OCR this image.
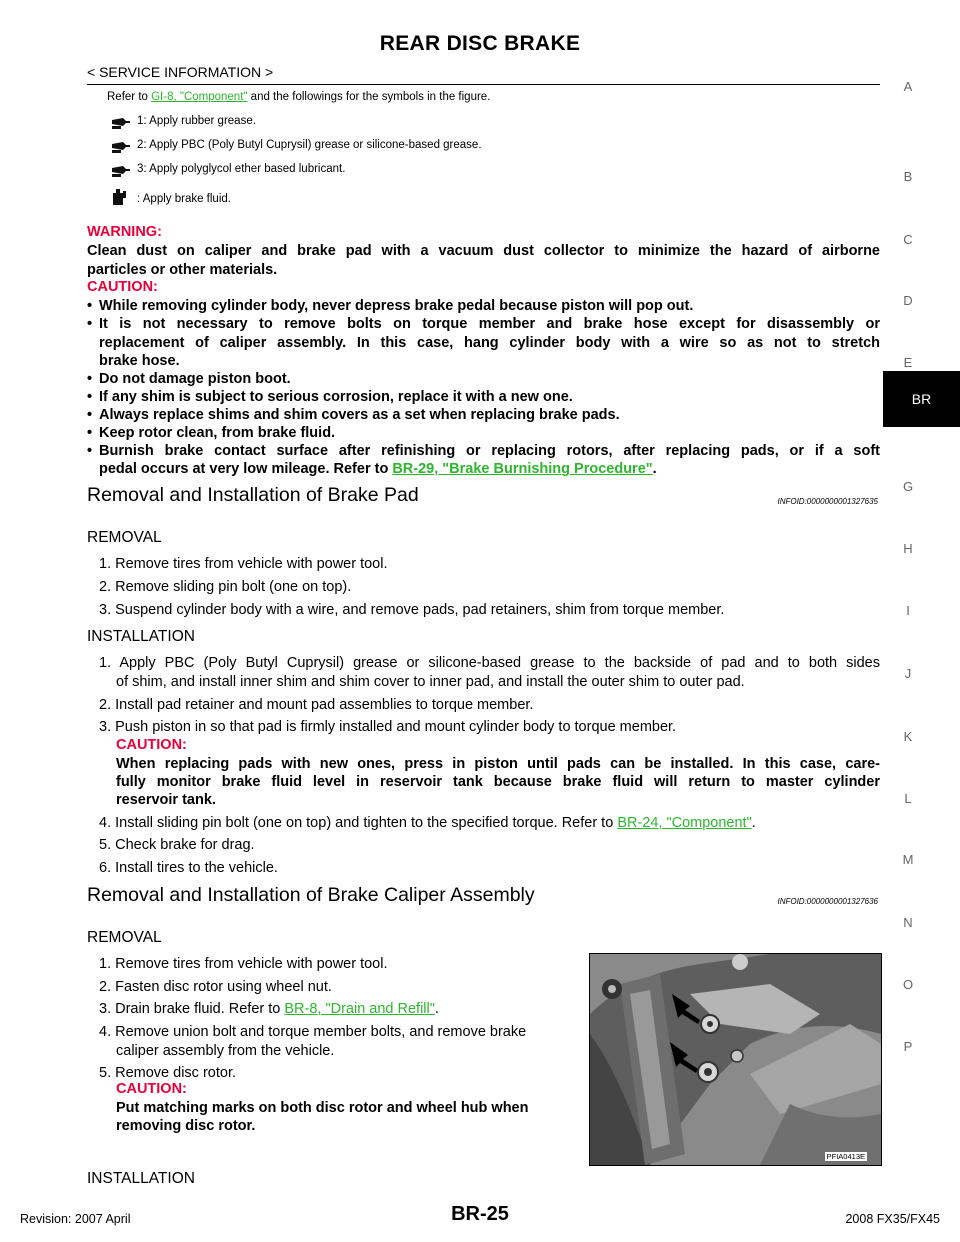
REAR DISC BRAKE
< SERVICE INFORMATION >
A
B
C
D
E
BR
G
H
I
J
K
L
M
N
O
P
Refer to GI-8, "Component" and the followings for the symbols in the figure.
1: Apply rubber grease.
2: Apply PBC (Poly Butyl Cuprysil) grease or silicone-based grease.
3: Apply polyglycol ether based lubricant.
: Apply brake fluid.
WARNING:
Clean dust on caliper and brake pad with a vacuum dust collector to minimize the hazard of airborne
particles or other materials.
CAUTION:
• While removing cylinder body, never depress brake pedal because piston will pop out.
• It is not necessary to remove bolts on torque member and brake hose except for disassembly or
replacement of caliper assembly. In this case, hang cylinder body with a wire so as not to stretch
brake hose.
• Do not damage piston boot.
• If any shim is subject to serious corrosion, replace it with a new one.
• Always replace shims and shim covers as a set when replacing brake pads.
• Keep rotor clean, from brake fluid.
• Burnish brake contact surface after refinishing or replacing rotors, after replacing pads, or if a soft
pedal occurs at very low mileage. Refer to BR-29, "Brake Burnishing Procedure".
Removal and Installation of Brake Pad	INFOID:0000000001327635
REMOVAL
1. Remove tires from vehicle with power tool.
2. Remove sliding pin bolt (one on top).
3. Suspend cylinder body with a wire, and remove pads, pad retainers, shim from torque member.
INSTALLATION
1. Apply PBC (Poly Butyl Cuprysil) grease or silicone-based grease to the backside of pad and to both sides
of shim, and install inner shim and shim cover to inner pad, and install the outer shim to outer pad.
2. Install pad retainer and mount pad assemblies to torque member.
3. Push piston in so that pad is firmly installed and mount cylinder body to torque member.
CAUTION:
When replacing pads with new ones, press in piston until pads can be installed. In this case, care-
fully monitor brake fluid level in reservoir tank because brake fluid will return to master cylinder
reservoir tank.
4. Install sliding pin bolt (one on top) and tighten to the specified torque. Refer to BR-24, "Component".
5. Check brake for drag.
6. Install tires to the vehicle.
Removal and Installation of Brake Caliper Assembly	INFOID:0000000001327636
REMOVAL
1. Remove tires from vehicle with power tool.
2. Fasten disc rotor using wheel nut.
3. Drain brake fluid. Refer to BR-8, "Drain and Refill".
4. Remove union bolt and torque member bolts, and remove brake
caliper assembly from the vehicle.
5. Remove disc rotor.
CAUTION:
Put matching marks on both disc rotor and wheel hub when
removing disc rotor.
INSTALLATION
PFIA0413E
Revision: 2007 April	BR-25	2008 FX35/FX45
